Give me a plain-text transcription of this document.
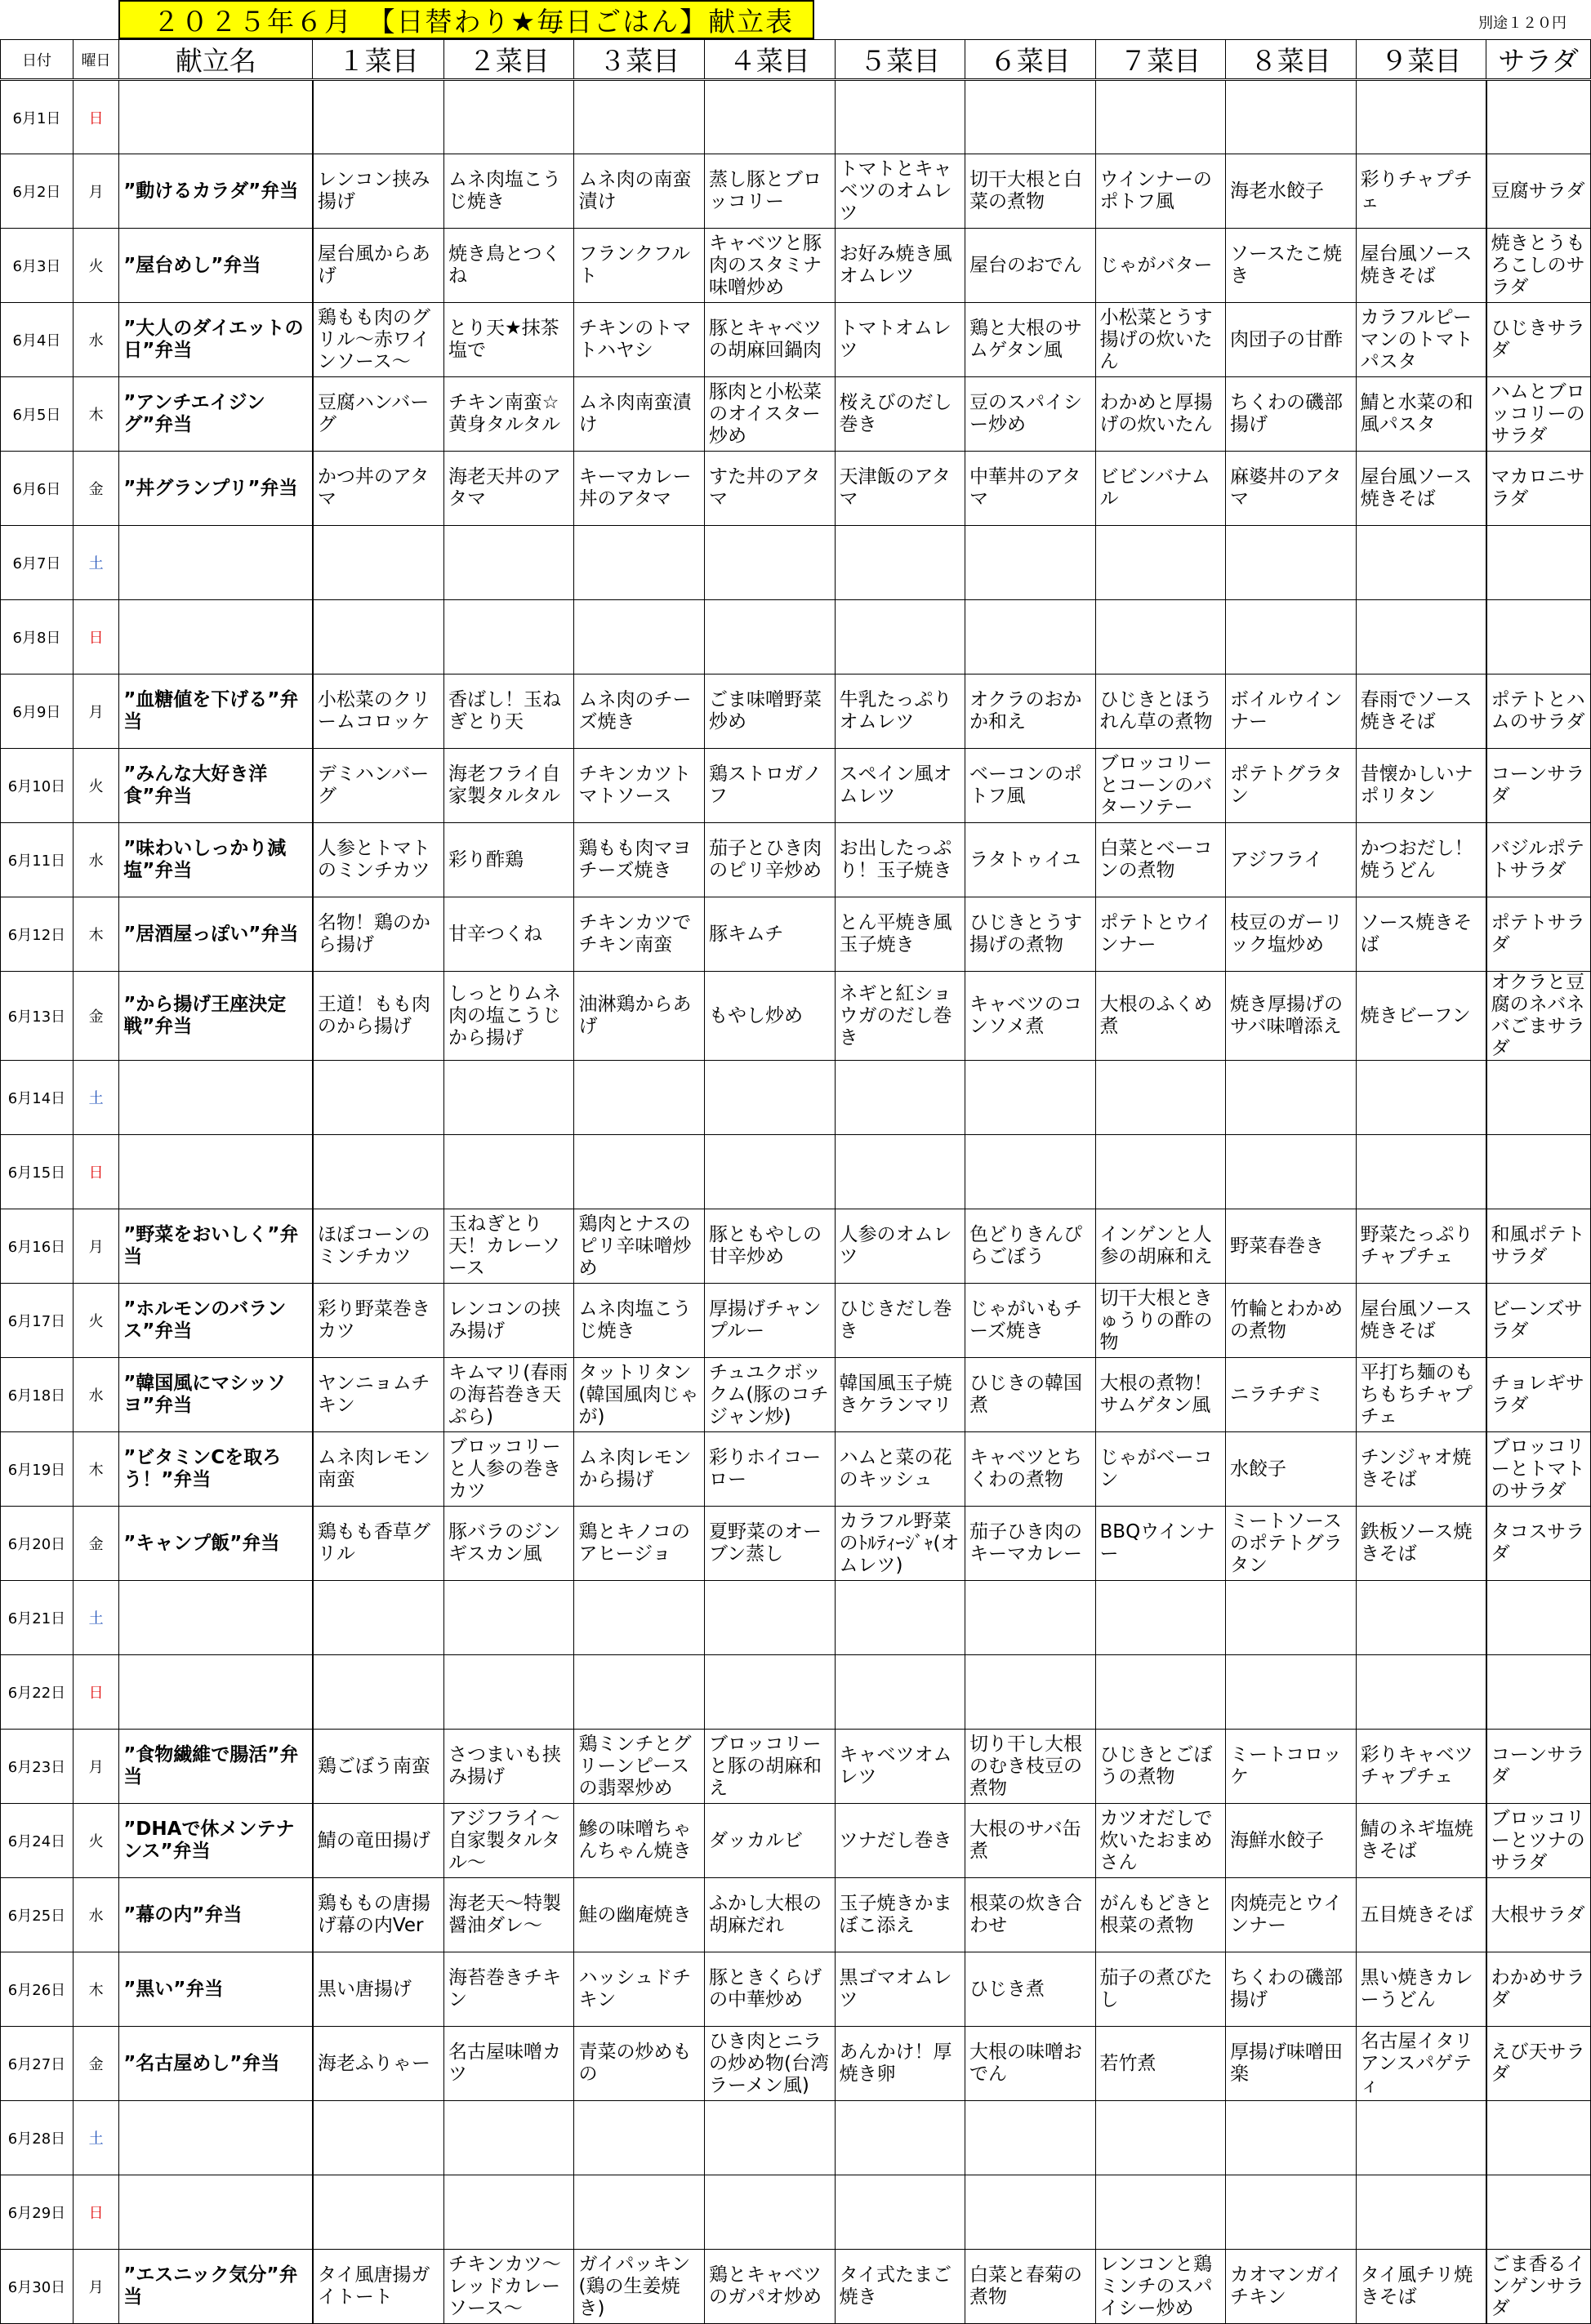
２０２５年６月　【日替わり★毎日ごはん】献立表	別途１２０円
日付	曜日	献立名	１菜目	２菜目	３菜目	４菜目	５菜目	６菜目	７菜目	８菜目	９菜目	サラダ
6月1日	日											
6月2日	月	”動けるカラダ”弁当	レンコン挟み揚げ	ムネ肉塩こうじ焼き	ムネ肉の南蛮漬け	蒸し豚とブロッコリー	トマトとキャベツのオムレツ	切干大根と白菜の煮物	ウインナーのポトフ風	海老水餃子	彩りチャプチェ	豆腐サラダ
6月3日	火	”屋台めし”弁当	屋台風からあげ	焼き鳥とつくね	フランクフルト	キャベツと豚肉のスタミナ味噌炒め	お好み焼き風オムレツ	屋台のおでん	じゃがバター	ソースたこ焼き	屋台風ソース焼きそば	焼きとうもろこしのサラダ
6月4日	水	”大人のダイエットの日”弁当	鶏もも肉のグリル～赤ワインソース～	とり天★抹茶塩で	チキンのトマトハヤシ	豚とキャベツの胡麻回鍋肉	トマトオムレツ	鶏と大根のサムゲタン風	小松菜とうす揚げの炊いたん	肉団子の甘酢	カラフルピーマンのトマトパスタ	ひじきサラダ
6月5日	木	”アンチエイジング”弁当	豆腐ハンバーグ	チキン南蛮☆黄身タルタル	ムネ肉南蛮漬け	豚肉と小松菜のオイスター炒め	桜えびのだし巻き	豆のスパイシー炒め	わかめと厚揚げの炊いたん	ちくわの磯部揚げ	鯖と水菜の和風パスタ	ハムとブロッコリーのサラダ
6月6日	金	”丼グランプリ”弁当	かつ丼のアタマ	海老天丼のアタマ	キーマカレー丼のアタマ	すた丼のアタマ	天津飯のアタマ	中華丼のアタマ	ビビンバナムル	麻婆丼のアタマ	屋台風ソース焼きそば	マカロニサラダ
6月7日	土											
6月8日	日											
6月9日	月	”血糖値を下げる”弁当	小松菜のクリームコロッケ	香ばし！玉ねぎとり天	ムネ肉のチーズ焼き	ごま味噌野菜炒め	牛乳たっぷりオムレツ	オクラのおかか和え	ひじきとほうれん草の煮物	ボイルウインナー	春雨でソース焼きそば	ポテトとハムのサラダ
6月10日	火	”みんな大好き洋食”弁当	デミハンバーグ	海老フライ自家製タルタル	チキンカツトマトソース	鶏ストロガノフ	スペイン風オムレツ	ベーコンのポトフ風	ブロッコリーとコーンのバターソテー	ポテトグラタン	昔懐かしいナポリタン	コーンサラダ
6月11日	水	”味わいしっかり減塩”弁当	人参とトマトのミンチカツ	彩り酢鶏	鶏もも肉マヨチーズ焼き	茄子とひき肉のピリ辛炒め	お出したっぷり！玉子焼き	ラタトゥイユ	白菜とベーコンの煮物	アジフライ	かつおだし！焼うどん	バジルポテトサラダ
6月12日	木	”居酒屋っぽい”弁当	名物！鶏のから揚げ	甘辛つくね	チキンカツでチキン南蛮	豚キムチ	とん平焼き風玉子焼き	ひじきとうす揚げの煮物	ポテトとウインナー	枝豆のガーリック塩炒め	ソース焼きそば	ポテトサラダ
6月13日	金	”から揚げ王座決定戦”弁当	王道！もも肉のから揚げ	しっとりムネ肉の塩こうじから揚げ	油淋鶏からあげ	もやし炒め	ネギと紅ショウガのだし巻き	キャベツのコンソメ煮	大根のふくめ煮	焼き厚揚げのサバ味噌添え	焼きビーフン	オクラと豆腐のネバネバごまサラダ
6月14日	土											
6月15日	日											
6月16日	月	”野菜をおいしく”弁当	ほぼコーンのミンチカツ	玉ねぎとり天！カレーソース	鶏肉とナスのピリ辛味噌炒め	豚ともやしの甘辛炒め	人参のオムレツ	色どりきんぴらごぼう	インゲンと人参の胡麻和え	野菜春巻き	野菜たっぷりチャプチェ	和風ポテトサラダ
6月17日	火	”ホルモンのバランス”弁当	彩り野菜巻きカツ	レンコンの挟み揚げ	ムネ肉塩こうじ焼き	厚揚げチャンプルー	ひじきだし巻き	じゃがいもチーズ焼き	切干大根ときゅうりの酢の物	竹輪とわかめの煮物	屋台風ソース焼きそば	ビーンズサラダ
6月18日	水	”韓国風にマシッソヨ”弁当	ヤンニョムチキン	キムマリ(春雨の海苔巻き天ぷら)	タットリタン(韓国風肉じゃが)	チュユクボックム(豚のコチジャン炒)	韓国風玉子焼きケランマリ	ひじきの韓国煮	大根の煮物！サムゲタン風	ニラチヂミ	平打ち麺のもちもちチャプチェ	チョレギサラダ
6月19日	木	”ビタミンCを取ろう！”弁当	ムネ肉レモン南蛮	ブロッコリーと人参の巻きカツ	ムネ肉レモンから揚げ	彩りホイコーロー	ハムと菜の花のキッシュ	キャベツとちくわの煮物	じゃがベーコン	水餃子	チンジャオ焼きそば	ブロッコリーとトマトのサラダ
6月20日	金	”キャンプ飯”弁当	鶏もも香草グリル	豚バラのジンギスカン風	鶏とキノコのアヒージョ	夏野菜のオーブン蒸し	カラフル野菜のﾄﾙﾃｨｰｼﾞｬ(オムレツ)	茄子ひき肉のキーマカレー	BBQウインナー	ミートソースのポテトグラタン	鉄板ソース焼きそば	タコスサラダ
6月21日	土											
6月22日	日											
6月23日	月	”食物繊維で腸活”弁当	鶏ごぼう南蛮	さつまいも挟み揚げ	鶏ミンチとグリーンピースの翡翠炒め	ブロッコリーと豚の胡麻和え	キャベツオムレツ	切り干し大根のむき枝豆の煮物	ひじきとごぼうの煮物	ミートコロッケ	彩りキャベツチャプチェ	コーンサラダ
6月24日	火	”DHAで休メンテナンス”弁当	鯖の竜田揚げ	アジフライ～自家製タルタル～	鰺の味噌ちゃんちゃん焼き	ダッカルビ	ツナだし巻き	大根のサバ缶煮	カツオだしで炊いたおまめさん	海鮮水餃子	鯖のネギ塩焼きそば	ブロッコリーとツナのサラダ
6月25日	水	”幕の内”弁当	鶏ももの唐揚げ幕の内Ver	海老天～特製醤油ダレ～	鮭の幽庵焼き	ふかし大根の胡麻だれ	玉子焼きかまぼこ添え	根菜の炊き合わせ	がんもどきと根菜の煮物	肉焼売とウインナー	五目焼きそば	大根サラダ
6月26日	木	”黒い”弁当	黒い唐揚げ	海苔巻きチキン	ハッシュドチキン	豚ときくらげの中華炒め	黒ゴマオムレツ	ひじき煮	茄子の煮びたし	ちくわの磯部揚げ	黒い焼きカレーうどん	わかめサラダ
6月27日	金	”名古屋めし”弁当	海老ふりゃー	名古屋味噌カツ	青菜の炒めもの	ひき肉とニラの炒め物(台湾ラーメン風)	あんかけ！厚焼き卵	大根の味噌おでん	若竹煮	厚揚げ味噌田楽	名古屋イタリアンスパゲティ	えび天サラダ
6月28日	土											
6月29日	日											
6月30日	月	”エスニック気分”弁当	タイ風唐揚ガイトート	チキンカツ～レッドカレーソース～	ガイパッキン(鶏の生姜焼き)	鶏とキャベツのガパオ炒め	タイ式たまご焼き	白菜と春菊の煮物	レンコンと鶏ミンチのスパイシー炒め	カオマンガイチキン	タイ風チリ焼きそば	ごま香るインゲンサラダ
